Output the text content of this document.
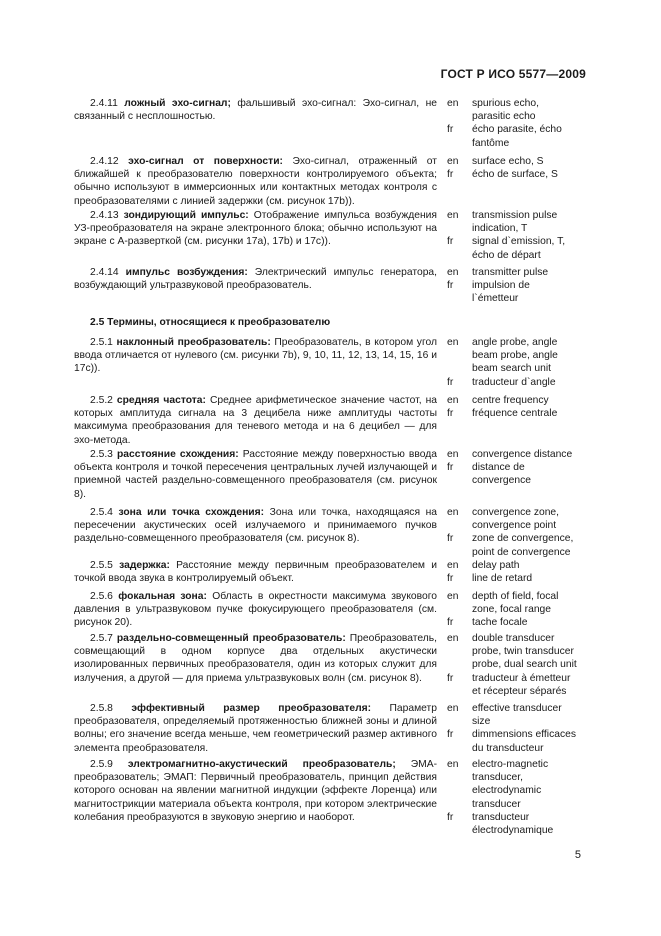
ГОСТ Р ИСО 5577—2009
2.5 Термины, относящиеся к преобразователю
5
2.4.11 ложный эхо-сигнал; фальшивый эхо-сигнал: Эхо-сигнал, не связанный с несплошностью.
en spurious echo,
parasitic echo
fr écho parasite, écho
fantôme
2.4.12 эхо-сигнал от поверхности: Эхо-сигнал, отраженный от ближайшей к преобразователю поверхности контролируемого объекта; обычно используют в иммерсионных или контактных методах контроля с преобразователями с линией задержки (см. рисунок 17b)).
en surface echo, S
fr écho de surface, S
2.4.13 зондирующий импульс: Отображение импульса возбуждения УЗ-преобразователя на экране электронного блока; обычно используют на экране с А-разверткой (см. рисунки 17а), 17b) и 17с)).
en transmission pulse
indication, T
fr signal d`emission, T,
écho de départ
2.4.14 импульс возбуждения: Электрический импульс генератора, возбуждающий ультразвуковой преобразователь.
en transmitter pulse
fr impulsion de
l`émetteur
2.5.1 наклонный преобразователь: Преобразователь, в котором угол ввода отличается от нулевого (см. рисунки 7b), 9, 10, 11, 12, 13, 14, 15, 16 и 17с)).
en angle probe, angle
beam probe, angle
beam search unit
fr traducteur d`angle
2.5.2 средняя частота: Среднее арифметическое значение частот, на которых амплитуда сигнала на 3 децибела ниже амплитуды частоты максимума преобразования для теневого метода и на 6 децибел — для эхо-метода.
en centre frequency
fr fréquence centrale
2.5.3 расстояние схождения: Расстояние между поверхностью ввода объекта контроля и точкой пересечения центральных лучей излучающей и приемной частей раздельно-совмещенного преобразователя (см. рисунок 8).
en convergence distance
fr distance de
convergence
2.5.4 зона или точка схождения: Зона или точка, находящаяся на пересечении акустических осей излучаемого и принимаемого пучков раздельно-совмещенного преобразователя (см. рисунок 8).
en convergence zone,
convergence point
fr zone de convergence,
point de convergence
2.5.5 задержка: Расстояние между первичным преобразователем и точкой ввода звука в контролируемый объект.
en delay path
fr line de retard
2.5.6 фокальная зона: Область в окрестности максимума звукового давления в ультразвуковом пучке фокусирующего преобразователя (см. рисунок 20).
en depth of field, focal
zone, focal range
fr tache focale
2.5.7 раздельно-совмещенный преобразователь: Преобразователь, совмещающий в одном корпусе два отдельных акустически изолированных первичных преобразователя, один из которых служит для излучения, а другой — для приема ультразвуковых волн (см. рисунок 8).
en double transducer
probe, twin transducer
probe, dual search unit
fr traducteur à émetteur
et récepteur séparés
2.5.8 эффективный размер преобразователя: Параметр преобразователя, определяемый протяженностью ближней зоны и длиной волны; его значение всегда меньше, чем геометрический размер активного элемента преобразователя.
en effective transducer
size
fr dimmensions efficaces
du transducteur
2.5.9 электромагнитно-акустический преобразователь; ЭМА-преобразователь; ЭМАП: Первичный преобразователь, принцип действия которого основан на явлении магнитной индукции (эффекте Лоренца) или магнитострикции материала объекта контроля, при котором электрические колебания преобразуются в звуковую энергию и наоборот.
en electro-magnetic
transducer,
electrodynamic
transducer
fr transducteur
électrodynamique
